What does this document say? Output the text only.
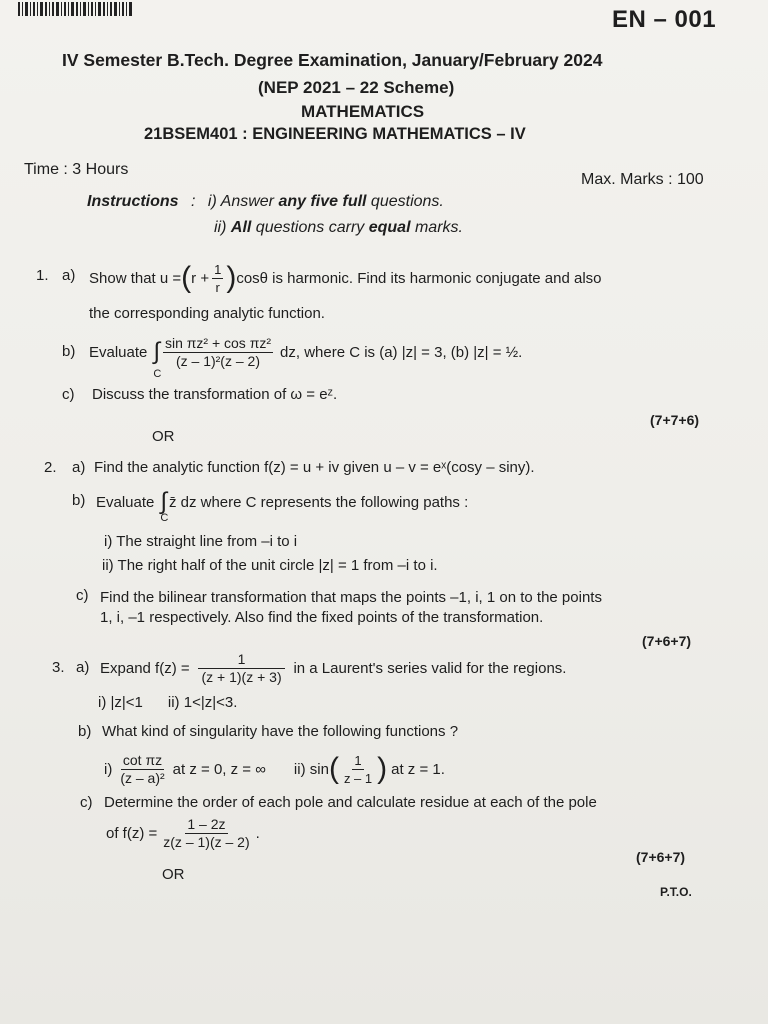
EN – 001
IV Semester B.Tech. Degree Examination, January/February 2024
(NEP 2021 – 22 Scheme)
MATHEMATICS
21BSEM401 : ENGINEERING MATHEMATICS – IV
Time : 3 Hours
Max. Marks : 100
Instructions : i) Answer any five full questions.
ii) All questions carry equal marks.
1. a) Show that u = ( $r + \frac{1}{r}$ ) cosθ is harmonic. Find its harmonic conjugate and also
the corresponding analytic function.
b) Evaluate ∫
C
$\frac{\text{sin πz² + cos πz²}}{\text{(z – 1)²(z – 2)}}$ dz, where C is (a) |z| = 3, (b) |z| = ½.
c) Discuss the transformation of ω = eᶻ.
(7+7+6)
OR
2. a) Find the analytic function f(z) = u + iv given u – v = eˣ(cosy – siny).
b) Evaluate ∫
C
z̄ dz where C represents the following paths :
i) The straight line from –i to i
ii) The right half of the unit circle |z| = 1 from –i to i.
c) Find the bilinear transformation that maps the points –1, i, 1 on to the points
1, i, –1 respectively. Also find the fixed points of the transformation.
(7+6+7)
3. a) Expand $f(z) = \frac{1}{(z + 1)(z + 3)}$ in a Laurent's series valid for the regions.
i) |z|<1      ii) 1<|z|<3.
b) What kind of singularity have the following functions ?
$i) \frac{\text{cot πz}}{\text{(z – a)²}}$ at z = 0, z = ∞ ii) sin ( $\frac{1}{z - 1}$ ) at z = 1.
c) Determine the order of each pole and calculate residue at each of the pole
of $f(z) = \frac{1 - 2z}{z(z - 1)(z - 2)}$ .
(7+6+7)
OR
P.T.O.
